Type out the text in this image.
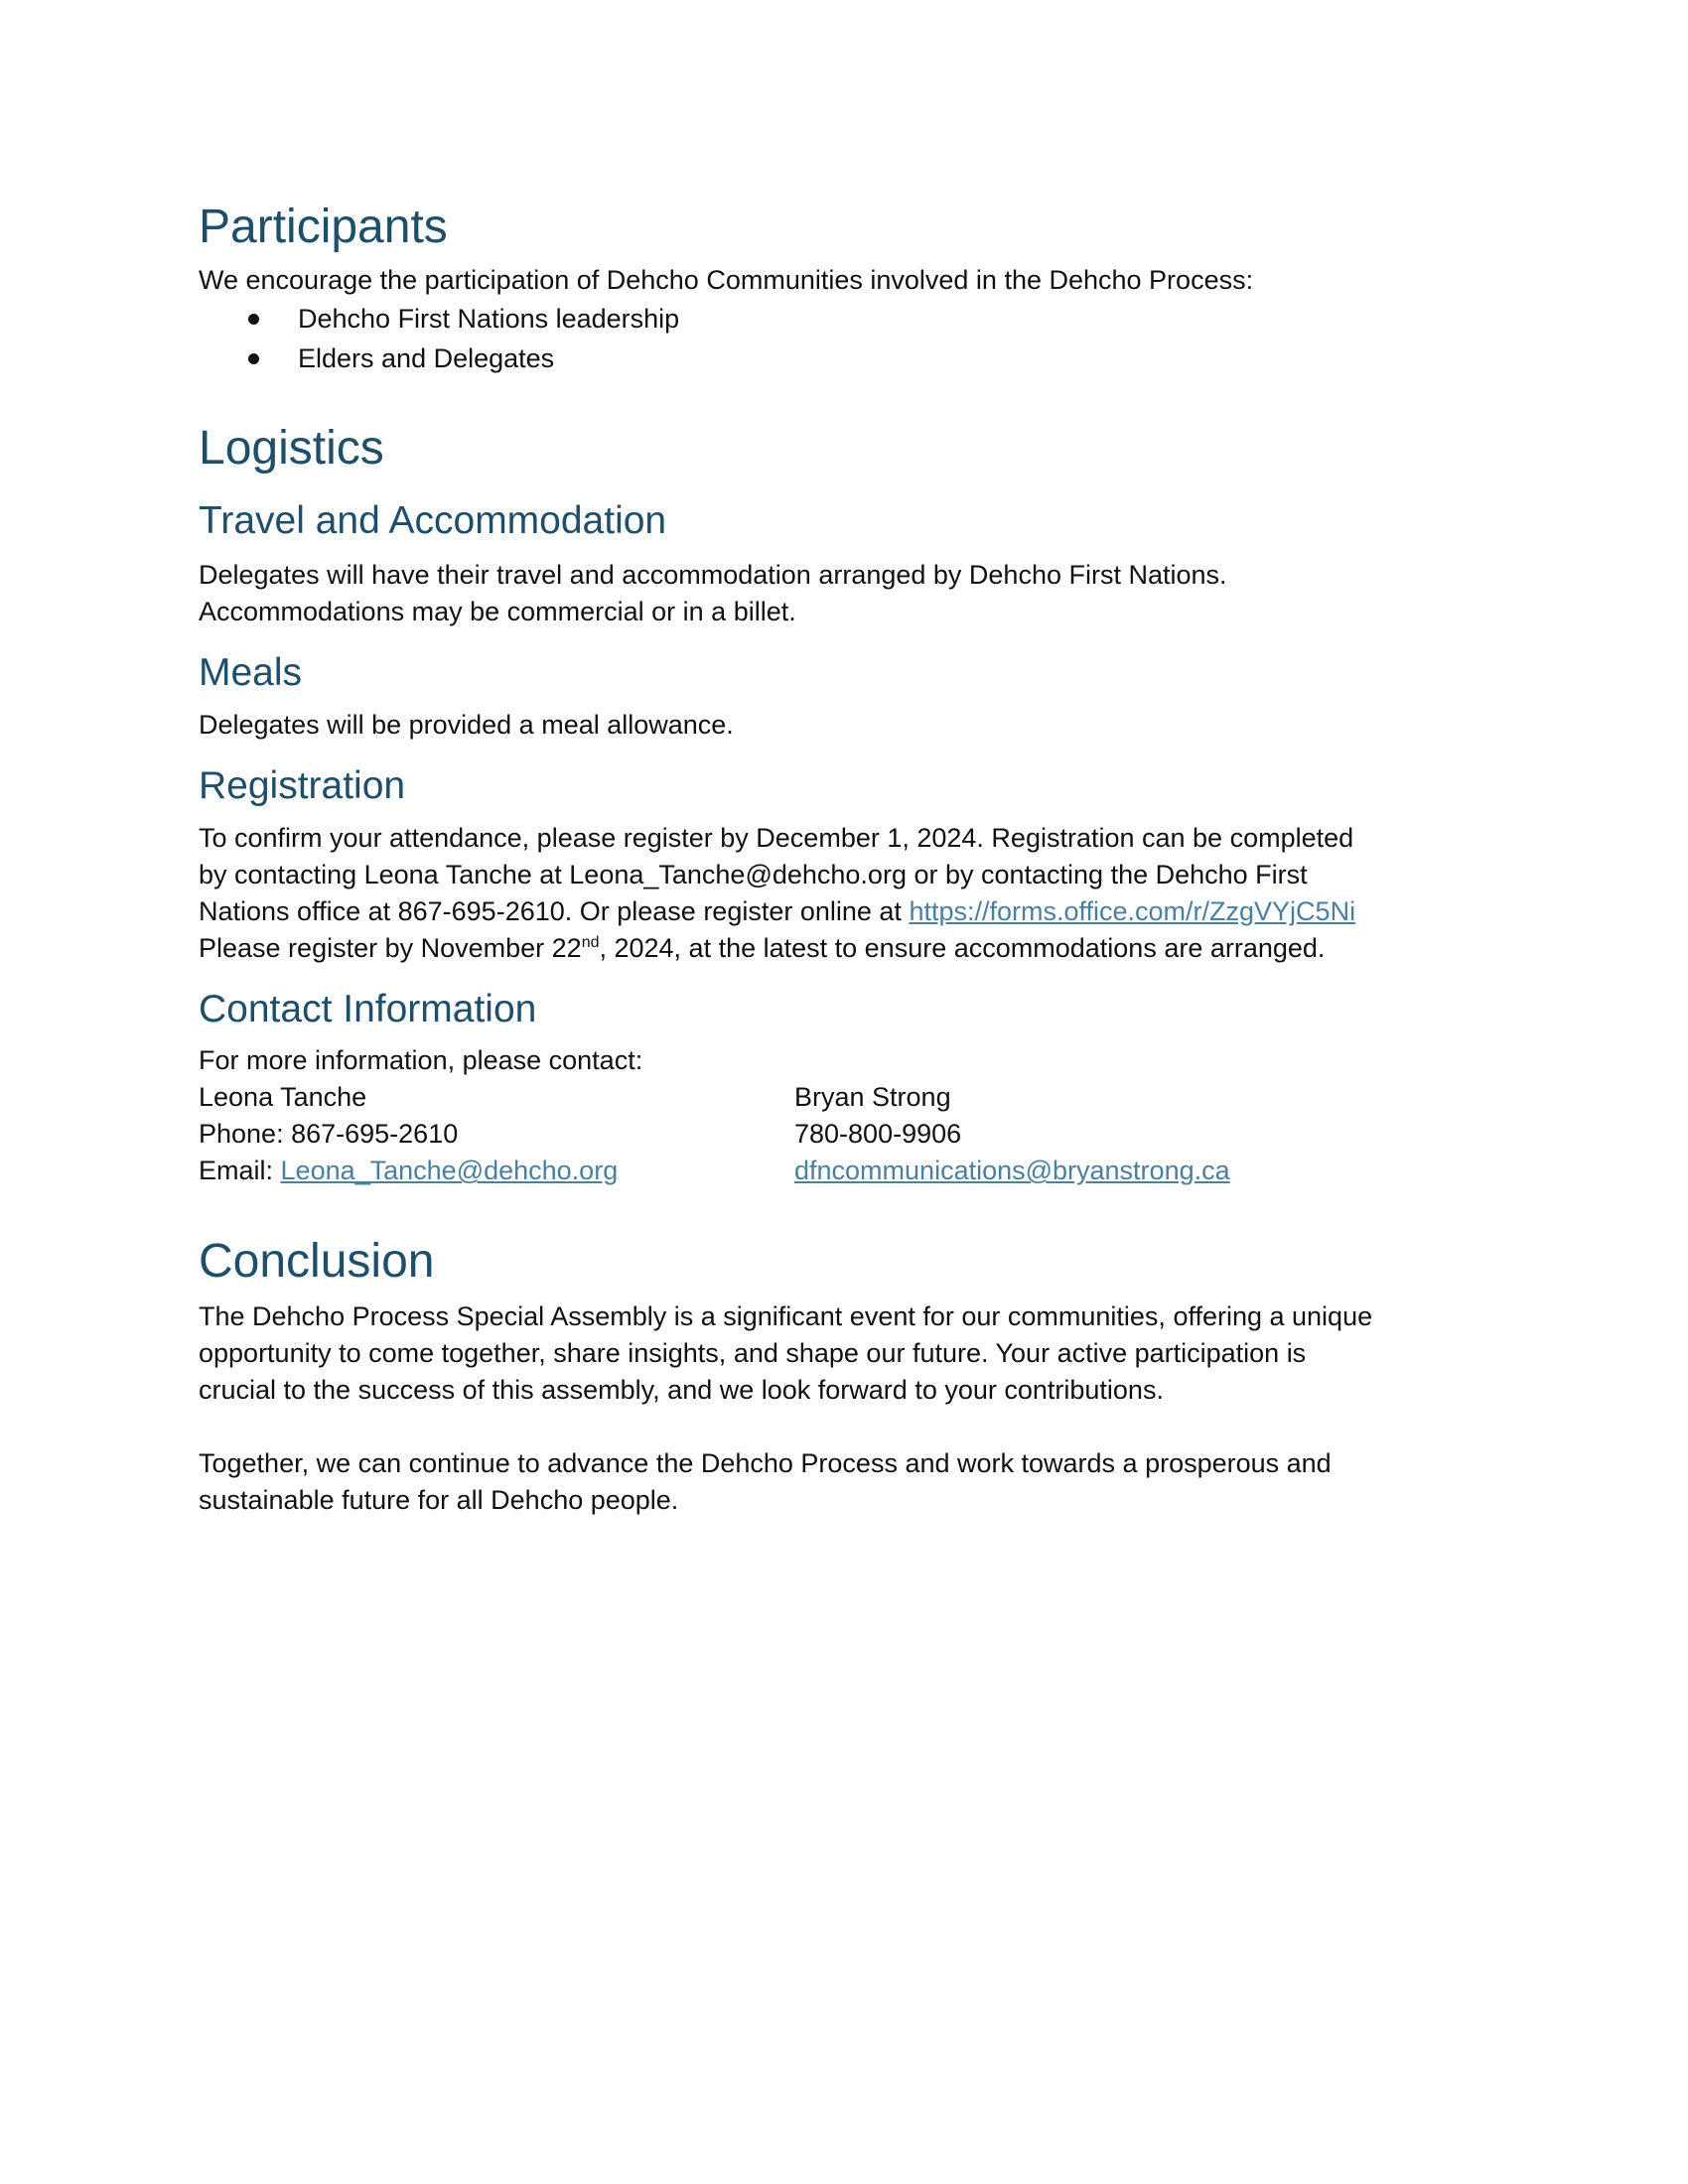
Participants

We encourage the participation of Dehcho Communities involved in the Dehcho Process:

Dehcho First Nations leadership
Elders and Delegates
Logistics
Travel and Accommodation

Delegates will have their travel and accommodation arranged by Dehcho First Nations.
Accommodations may be commercial or in a billet.

Meals

Delegates will be provided a meal allowance.

Registration

To confirm your attendance, please register by December 1, 2024. Registration can be completed
by contacting Leona Tanche at Leona_Tanche@dehcho.org or by contacting the Dehcho First
Nations office at 867-695-2610. Or please register online at https://forms.office.com/r/ZzgVYjC5Ni
Please register by November 22nd, 2024, at the latest to ensure accommodations are arranged.

Contact Information

For more information, please contact:

Leona Tanche	Bryan Strong
Phone: 867-695-2610	780-800-9906
Email: Leona_Tanche@dehcho.org	dfncommunications@bryanstrong.ca
Conclusion

The Dehcho Process Special Assembly is a significant event for our communities, offering a unique
opportunity to come together, share insights, and shape our future. Your active participation is
crucial to the success of this assembly, and we look forward to your contributions.

Together, we can continue to advance the Dehcho Process and work towards a prosperous and
sustainable future for all Dehcho people.
